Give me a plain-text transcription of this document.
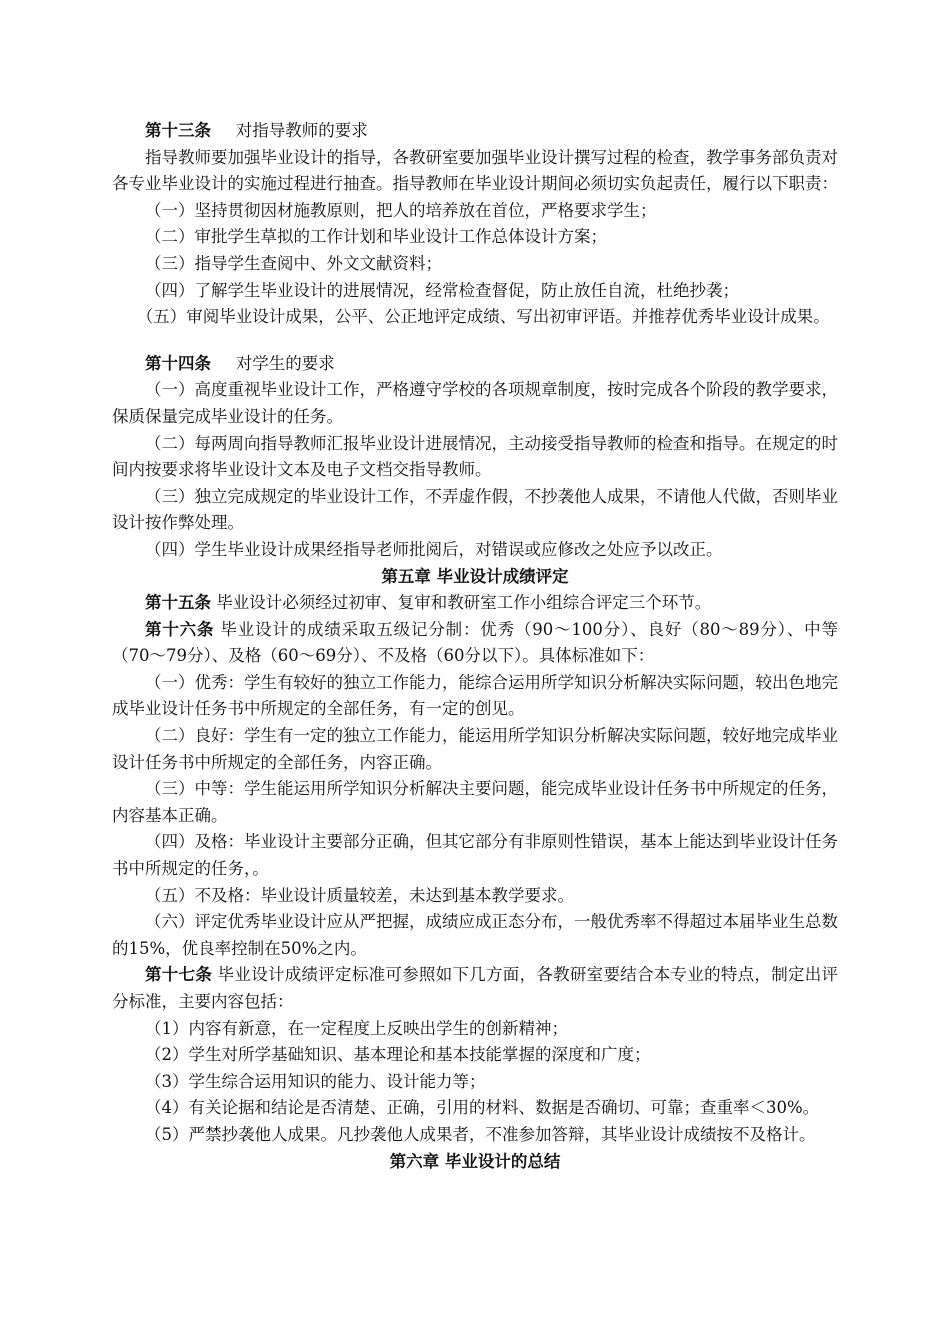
第十三条 对指导教师的要求

指导教师要加强毕业设计的指导，各教研室要加强毕业设计撰写过程的检查，教学事务部负责对各专业毕业设计的实施过程进行抽查。指导教师在毕业设计期间必须切实负起责任，履行以下职责：

（一）坚持贯彻因材施教原则，把人的培养放在首位，严格要求学生；

（二）审批学生草拟的工作计划和毕业设计工作总体设计方案；

（三）指导学生查阅中、外文文献资料；

（四）了解学生毕业设计的进展情况，经常检查督促，防止放任自流，杜绝抄袭；

（五）审阅毕业设计成果，公平、公正地评定成绩、写出初审评语。并推荐优秀毕业设计成果。

第十四条 对学生的要求

（一）高度重视毕业设计工作，严格遵守学校的各项规章制度，按时完成各个阶段的教学要求，保质保量完成毕业设计的任务。

（二）每两周向指导教师汇报毕业设计进展情况，主动接受指导教师的检查和指导。在规定的时间内按要求将毕业设计文本及电子文档交指导教师。

（三）独立完成规定的毕业设计工作，不弄虚作假，不抄袭他人成果，不请他人代做，否则毕业设计按作弊处理。

（四）学生毕业设计成果经指导老师批阅后，对错误或应修改之处应予以改正。

第五章 毕业设计成绩评定

第十五条 毕业设计必须经过初审、复审和教研室工作小组综合评定三个环节。

第十六条 毕业设计的成绩采取五级记分制：优秀（90～100分）、良好（80～89分）、中等（70～79分）、及格（60～69分）、不及格（60分以下）。具体标准如下：

（一）优秀：学生有较好的独立工作能力，能综合运用所学知识分析解决实际问题，较出色地完成毕业设计任务书中所规定的全部任务，有一定的创见。

（二）良好：学生有一定的独立工作能力，能运用所学知识分析解决实际问题，较好地完成毕业设计任务书中所规定的全部任务，内容正确。

（三）中等：学生能运用所学知识分析解决主要问题，能完成毕业设计任务书中所规定的任务，内容基本正确。

（四）及格：毕业设计主要部分正确，但其它部分有非原则性错误，基本上能达到毕业设计任务书中所规定的任务，。

（五）不及格：毕业设计质量较差，未达到基本教学要求。

（六）评定优秀毕业设计应从严把握，成绩应成正态分布，一般优秀率不得超过本届毕业生总数的15%，优良率控制在50%之内。

第十七条 毕业设计成绩评定标准可参照如下几方面，各教研室要结合本专业的特点，制定出评分标准，主要内容包括：

（1）内容有新意，在一定程度上反映出学生的创新精神；

（2）学生对所学基础知识、基本理论和基本技能掌握的深度和广度；

（3）学生综合运用知识的能力、设计能力等；

（4）有关论据和结论是否清楚、正确，引用的材料、数据是否确切、可靠；查重率＜30%。

（5）严禁抄袭他人成果。凡抄袭他人成果者，不准参加答辩，其毕业设计成绩按不及格计。

第六章 毕业设计的总结
